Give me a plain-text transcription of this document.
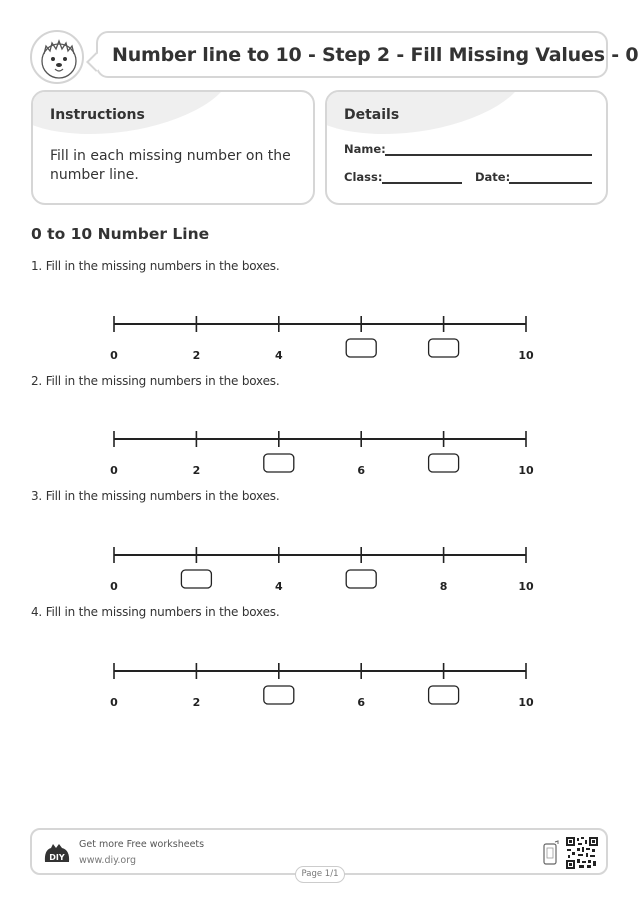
Number line to 10 - Step 2 - Fill Missing Values - 0
Instructions
Fill in each missing number on the number line.
Details
Name:
Class:	Date:
0 to 10 Number Line
1. Fill in the missing numbers in the boxes.
2. Fill in the missing numbers in the boxes.
3. Fill in the missing numbers in the boxes.
4. Fill in the missing numbers in the boxes.
0	2	4	10
0	2	6	10
0	4	8	10
0	2	6	10
DIY
Get more Free worksheets
www.diy.org
Page 1/1
